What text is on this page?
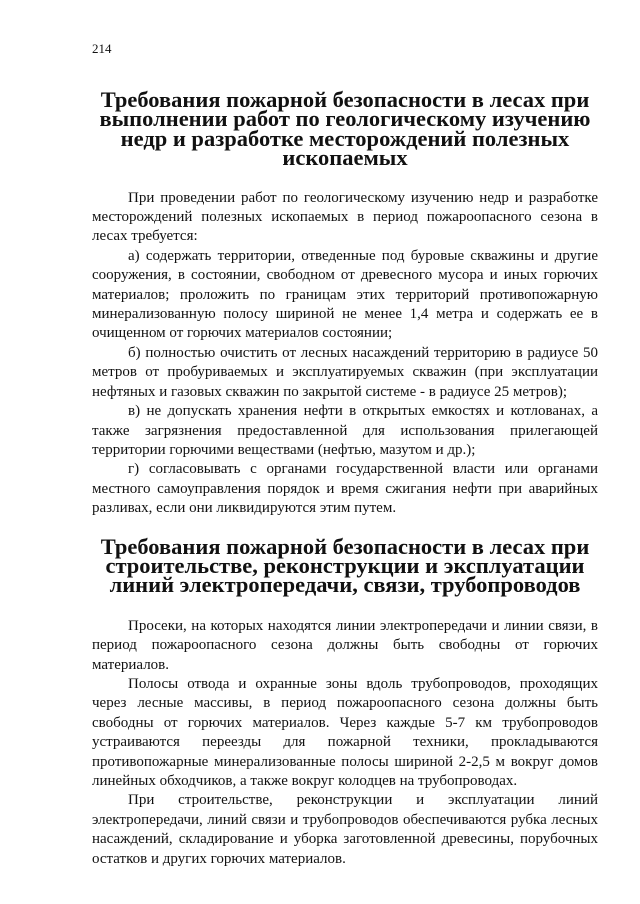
214
Требования пожарной безопасности в лесах при выполнении работ по геологическому изучению недр и разработке месторождений полезных ископаемых

При проведении работ по геологическому изучению недр и разработке месторождений полезных ископаемых в период пожароопасного сезона в лесах требуется:

а) содержать территории, отведенные под буровые скважины и другие сооружения, в состоянии, свободном от древесного мусора и иных горючих материалов; проложить по границам этих территорий противопожарную минерализованную полосу шириной не менее 1,4 метра и содержать ее в очищенном от горючих материалов состоянии;

б) полностью очистить от лесных насаждений территорию в радиусе 50 метров от пробуриваемых и эксплуатируемых скважин (при эксплуатации нефтяных и газовых скважин по закрытой системе - в радиусе 25 метров);

в) не допускать хранения нефти в открытых емкостях и котлованах, а также загрязнения предоставленной для использования прилегающей территории горючими веществами (нефтью, мазутом и др.);

г) согласовывать с органами государственной власти или органами местного самоуправления порядок и время сжигания нефти при аварийных разливах, если они ликвидируются этим путем.

Требования пожарной безопасности в лесах при строительстве, реконструкции и эксплуатации линий электропередачи, связи, трубопроводов

Просеки, на которых находятся линии электропередачи и линии связи, в период пожароопасного сезона должны быть свободны от горючих материалов.

Полосы отвода и охранные зоны вдоль трубопроводов, проходящих через лесные массивы, в период пожароопасного сезона должны быть свободны от горючих материалов. Через каждые 5-7 км трубопроводов устраиваются переезды для пожарной техники, прокладываются противопожарные минерализованные полосы шириной 2-2,5 м вокруг домов линейных обходчиков, а также вокруг колодцев на трубопроводах.

При строительстве, реконструкции и эксплуатации линий электропередачи, линий связи и трубопроводов обеспечиваются рубка лесных насаждений, складирование и уборка заготовленной древесины, порубочных остатков и других горючих материалов.
